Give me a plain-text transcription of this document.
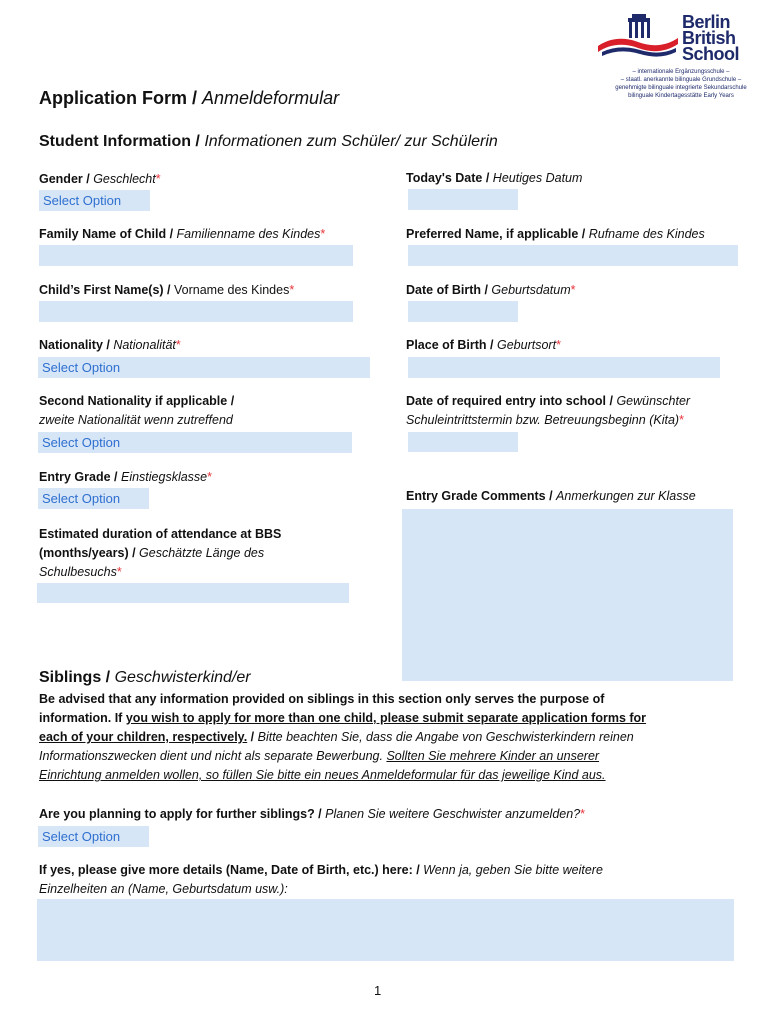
Berlin
British
School
– internationale Ergänzungsschule –
– staatl. anerkannte bilinguale Grundschule –
genehmigte bilinguale integrierte Sekundarschule
bilinguale Kindertagesstätte Early Years
Application Form / Anmeldeformular
Student Information / Informationen zum Schüler/ zur Schülerin
Gender / Geschlecht*
Select Option
Family Name of Child / Familienname des Kindes*
Child’s First Name(s) / Vorname des Kindes*
Nationality / Nationalität*
Select Option
Second Nationality if applicable /
zweite Nationalität wenn zutreffend
Select Option
Entry Grade / Einstiegsklasse*
Select Option
Estimated duration of attendance at BBS
(months/years) / Geschätzte Länge des
Schulbesuchs*
Today's Date / Heutiges Datum
Preferred Name, if applicable / Rufname des Kindes
Date of Birth / Geburtsdatum*
Place of Birth / Geburtsort*
Date of required entry into school / Gewünschter
Schuleintrittstermin bzw. Betreuungsbeginn (Kita)*
Entry Grade Comments / Anmerkungen zur Klasse
Siblings / Geschwisterkind/er
Be advised that any information provided on siblings in this section only serves the purpose of
information. If you wish to apply for more than one child, please submit separate application forms for
each of your children, respectively. / Bitte beachten Sie, dass die Angabe von Geschwisterkindern reinen
Informationszwecken dient und nicht als separate Bewerbung. Sollten Sie mehrere Kinder an unserer
Einrichtung anmelden wollen, so füllen Sie bitte ein neues Anmeldeformular für das jeweilige Kind aus.
Are you planning to apply for further siblings? / Planen Sie weitere Geschwister anzumelden?*
Select Option
If yes, please give more details (Name, Date of Birth, etc.) here: / Wenn ja, geben Sie bitte weitere
Einzelheiten an (Name, Geburtsdatum usw.):
1
